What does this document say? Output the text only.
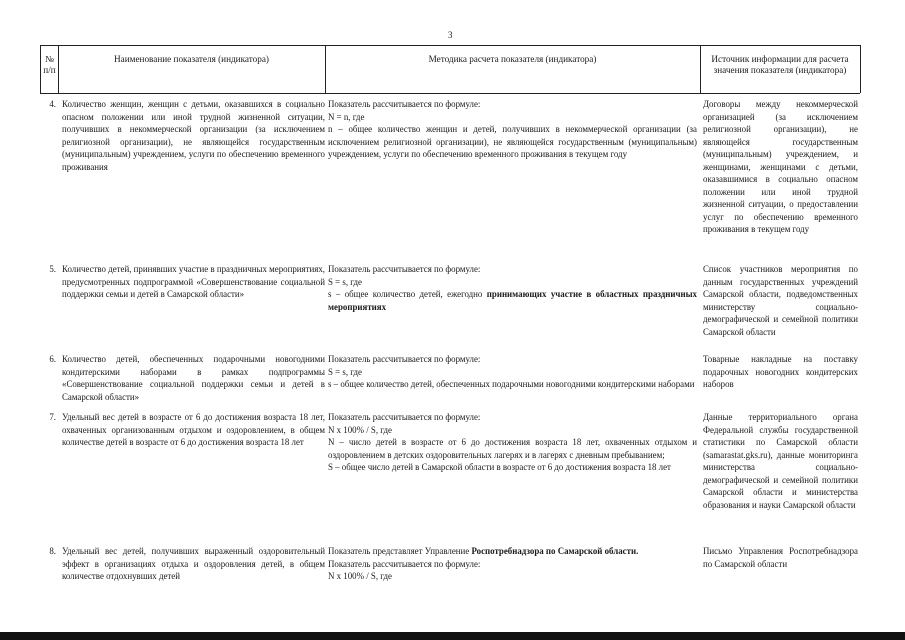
3
№ п/п
Наименование показателя (индикатора)	Методика расчета показателя (индикатора)	Источник информации для расчета значения показателя (индикатора)
4. Количество женщин, женщин с детьми, оказавшихся в социально опасном положении или иной трудной жизненной ситуации, получивших в некоммерческой организации (за исключением религиозной организации), не являющейся государственным (муниципальным) учреждением, услуги по обеспечению временного проживания
Показатель рассчитывается по формуле:
N = n, где
n – общее количество женщин и детей, получивших в некоммерческой организации (за исключением религиозной организации), не являющейся государственным (муниципальным) учреждением, услуги по обеспечению временного проживания в текущем году
Договоры между некоммерческой организацией (за исключением религиозной организации), не являющейся государственным (муниципальным) учреждением, и женщинами, женщинами с детьми, оказавшимися в социально опасном положении или иной трудной жизненной ситуации, о предоставлении услуг по обеспечению временного проживания в текущем году
5. Количество детей, принявших участие в праздничных мероприятиях, предусмотренных подпрограммой «Совершенствование социальной поддержки семьи и детей в Самарской области»
Показатель рассчитывается по формуле:
S = s, где
s – общее количество детей, ежегодно принимающих участие в областных праздничных мероприятиях
Список участников мероприятия по данным государственных учреждений Самарской области, подведомственных министерству социально-демографической и семейной политики Самарской области
6. Количество детей, обеспеченных подарочными новогодними кондитерскими наборами в рамках подпрограммы «Совершенствование социальной поддержки семьи и детей в Самарской области»
Показатель рассчитывается по формуле:
S = s, где
s – общее количество детей, обеспеченных подарочными новогодними кондитерскими наборами
Товарные накладные на поставку подарочных новогодних кондитерских наборов
7. Удельный вес детей в возрасте от 6 до достижения возраста 18 лет, охваченных организованным отдыхом и оздоровлением, в общем количестве детей в возрасте от 6 до достижения возраста 18 лет
Показатель рассчитывается по формуле:
N x 100% / S, где
N – число детей в возрасте от 6 до достижения возраста 18 лет, охваченных отдыхом и оздоровлением в детских оздоровительных лагерях и в лагерях с дневным пребыванием;
S – общее число детей в Самарской области в возрасте от 6 до достижения возраста 18 лет
Данные территориального органа Федеральной службы государственной статистики по Самарской области (samarastat.gks.ru), данные мониторинга министерства социально-демографической и семейной политики Самарской области и министерства образования и науки Самарской области
8. Удельный вес детей, получивших выраженный оздоровительный эффект в организациях отдыха и оздоровления детей, в общем количестве отдохнувших детей
Показатель представляет Управление Роспотребнадзора по Самарской области.
Показатель рассчитывается по формуле:
N x 100% / S, где
Письмо Управления Роспотребнадзора по Самарской области
